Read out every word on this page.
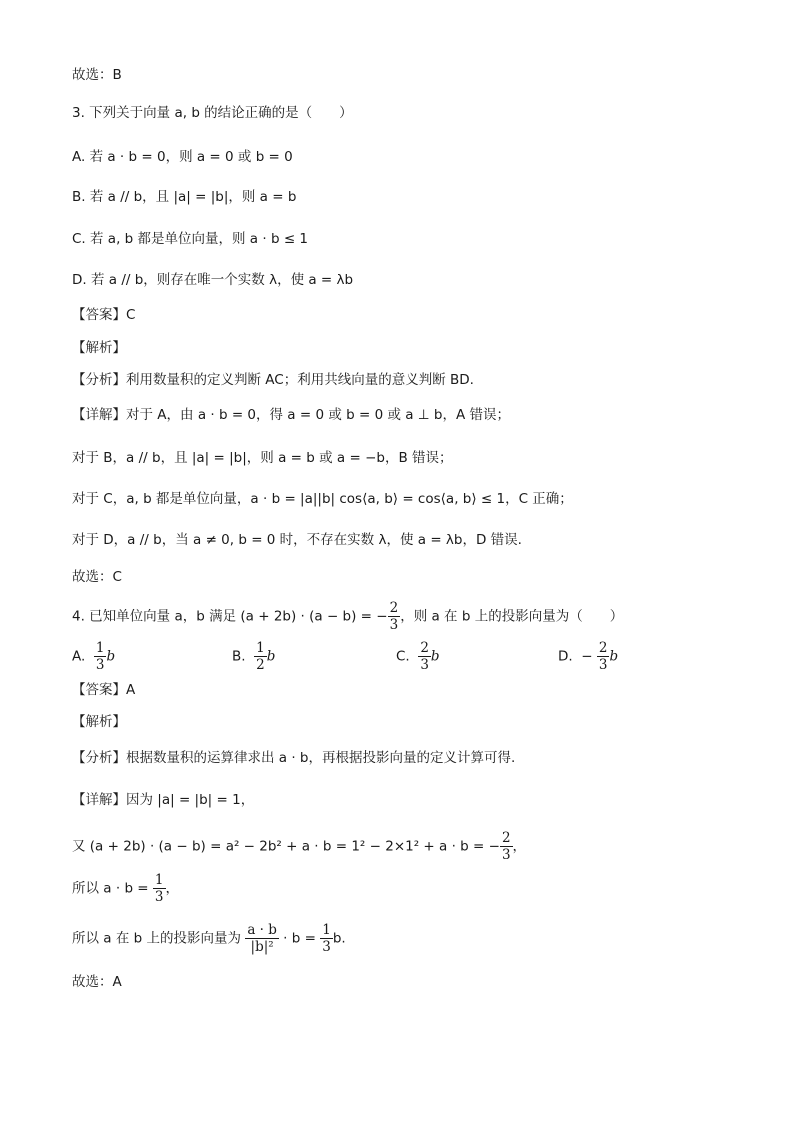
故选：B
3. 下列关于向量 a, b 的结论正确的是（　　）
A. 若 a · b = 0，则 a = 0 或 b = 0
B. 若 a // b，且 |a| = |b|，则 a = b
C. 若 a, b 都是单位向量，则 a · b ≤ 1
D. 若 a // b，则存在唯一个实数 λ，使 a = λb
【答案】C
【解析】
【分析】利用数量积的定义判断 AC；利用共线向量的意义判断 BD.
【详解】对于 A，由 a · b = 0，得 a = 0 或 b = 0 或 a ⊥ b，A 错误；
对于 B，a // b，且 |a| = |b|，则 a = b 或 a = −b，B 错误；
对于 C，a, b 都是单位向量，a · b = |a||b| cos⟨a, b⟩ = cos⟨a, b⟩ ≤ 1，C 正确；
对于 D，a // b，当 a ≠ 0, b = 0 时，不存在实数 λ，使 a = λb，D 错误.
故选：C
4. 已知单位向量 a，b 满足 (a + 2b) · (a − b) = − $\frac{2}{3}$ ，则 a 在 b 上的投影向量为（　　）
A. $\frac{1}{3}$ b	B. $\frac{1}{2}$ b	C. $\frac{2}{3}$ b	D. − $\frac{2}{3}$ b
【答案】A
【解析】
【分析】根据数量积的运算律求出 a · b，再根据投影向量的定义计算可得.
【详解】因为 |a| = |b| = 1，
又 (a + 2b) · (a − b) = a² − 2b² + a · b = 1² − 2×1² + a · b = − $\frac{2}{3}$ ，
所以 $a \cdot b = \frac{1}{3}$ ，
所以 a 在 b 上的投影向量为 $\frac{a \cdot b}{\text{|b|²}} \cdot b = \frac{1}{3} b$.
故选：A
